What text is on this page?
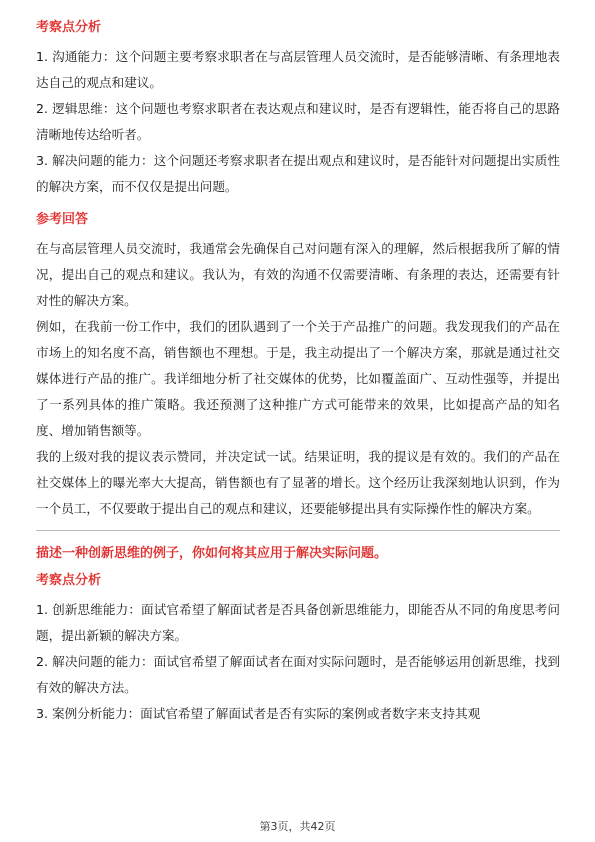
考察点分析

1. 沟通能力：这个问题主要考察求职者在与高层管理人员交流时，是否能够清晰、有条理地表达自己的观点和建议。

2. 逻辑思维：这个问题也考察求职者在表达观点和建议时，是否有逻辑性，能否将自己的思路清晰地传达给听者。

3. 解决问题的能力：这个问题还考察求职者在提出观点和建议时，是否能针对问题提出实质性的解决方案，而不仅仅是提出问题。

参考回答

在与高层管理人员交流时，我通常会先确保自己对问题有深入的理解，然后根据我所了解的情况，提出自己的观点和建议。我认为，有效的沟通不仅需要清晰、有条理的表达，还需要有针对性的解决方案。

例如，在我前一份工作中，我们的团队遇到了一个关于产品推广的问题。我发现我们的产品在市场上的知名度不高，销售额也不理想。于是，我主动提出了一个解决方案，那就是通过社交媒体进行产品的推广。我详细地分析了社交媒体的优势，比如覆盖面广、互动性强等，并提出了一系列具体的推广策略。我还预测了这种推广方式可能带来的效果，比如提高产品的知名度、增加销售额等。

我的上级对我的提议表示赞同，并决定试一试。结果证明，我的提议是有效的。我们的产品在社交媒体上的曝光率大大提高，销售额也有了显著的增长。这个经历让我深刻地认识到，作为一个员工，不仅要敢于提出自己的观点和建议，还要能够提出具有实际操作性的解决方案。

描述一种创新思维的例子，你如何将其应用于解决实际问题。
考察点分析

1. 创新思维能力：面试官希望了解面试者是否具备创新思维能力，即能否从不同的角度思考问题，提出新颖的解决方案。

2. 解决问题的能力：面试官希望了解面试者在面对实际问题时，是否能够运用创新思维，找到有效的解决方法。

3. 案例分析能力：面试官希望了解面试者是否有实际的案例或者数字来支持其观

第3页，共42页
